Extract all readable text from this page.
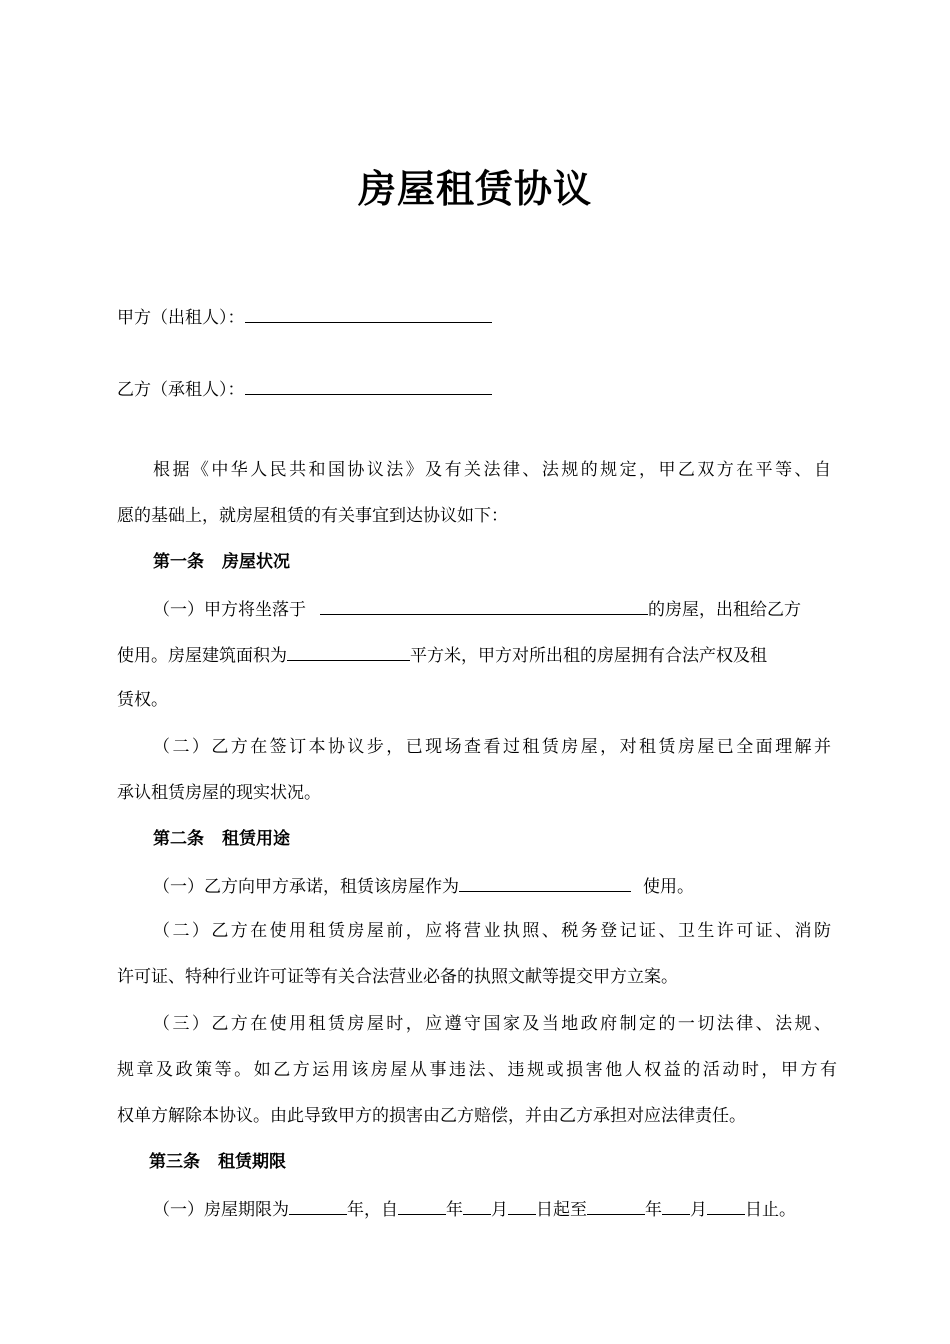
房屋租赁协议
甲方（出租人）：
乙方（承租人）：
根据《中华人民共和国协议法》及有关法律、法规的规定，甲乙双方在平等、自
愿的基础上，就房屋租赁的有关事宜到达协议如下：
第一条 房屋状况
（一）甲方将坐落于	的房屋，出租给乙方
使用。房屋建筑面积为	平方米，甲方对所出租的房屋拥有合法产权及租
赁权。
（二）乙方在签订本协议步，已现场查看过租赁房屋，对租赁房屋已全面理解并
承认租赁房屋的现实状况。
第二条 租赁用途
（一）乙方向甲方承诺，租赁该房屋作为	使用。
（二）乙方在使用租赁房屋前，应将营业执照、税务登记证、卫生许可证、消防
许可证、特种行业许可证等有关合法营业必备的执照文献等提交甲方立案。
（三）乙方在使用租赁房屋时，应遵守国家及当地政府制定的一切法律、法规、
规章及政策等。如乙方运用该房屋从事违法、违规或损害他人权益的活动时，甲方有
权单方解除本协议。由此导致甲方的损害由乙方赔偿，并由乙方承担对应法律责任。
第三条 租赁期限
（一）房屋期限为	年，自	年 月 日起至	年 月 日止。
